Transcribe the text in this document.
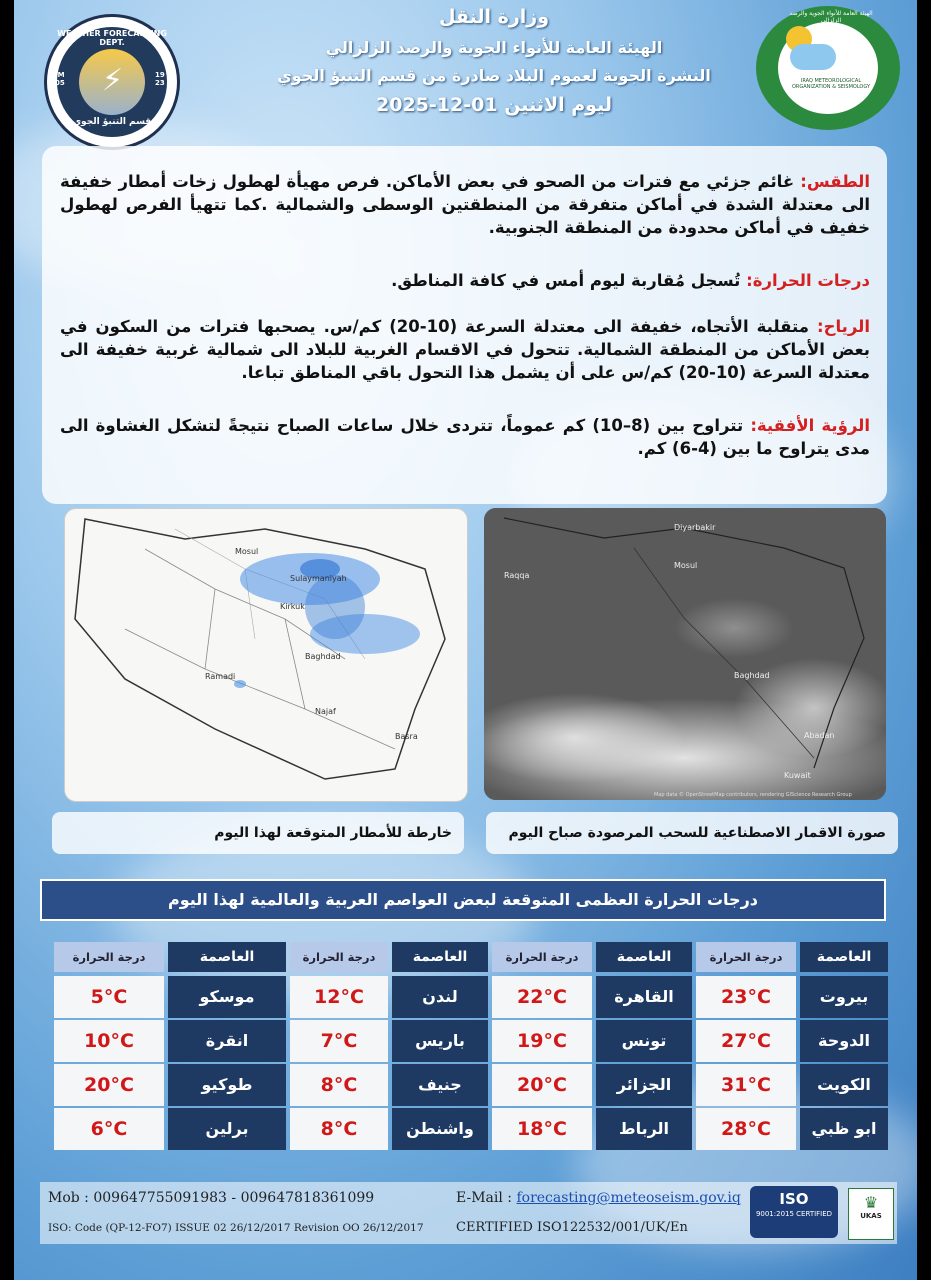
⚡
WEATHER FORECASTING DEPT.
قسم التنبؤ الجوي
IM 05
19 23
وزارة النقل
الهيئة العامة للأنواء الجوية والرصد الزلزالي
النشرة الجوية لعموم البلاد صادرة من قسم التنبؤ الجوي
ليوم الاثنين 01-12-2025
IRAQ METEOROLOGICAL ORGANIZATION & SEISMOLOGY
الهيئة العامة للأنواء الجوية والرصد الزلزالي
الطقس: غائم جزئي مع فترات من الصحو في بعض الأماكن. فرص مهيأة لهطول زخات أمطار خفيفة الى معتدلة الشدة في أماكن متفرقة من المنطقتين الوسطى والشمالية .كما تتهيأ الفرص لهطول خفيف في أماكن محدودة من المنطقة الجنوبية.
درجات الحرارة: تُسجل مُقاربة ليوم أمس في كافة المناطق.
الرياح: متقلبة الأتجاه، خفيفة الى معتدلة السرعة (10-20) كم/س. يصحبها فترات من السكون في بعض الأماكن من المنطقة الشمالية. تتحول في الاقسام الغربية للبلاد الى شمالية غربية خفيفة الى معتدلة السرعة (10-20) كم/س على أن يشمل هذا التحول باقي المناطق تباعا.
الرؤية الأفقية: تتراوح بين (8–10) كم عموماً، تتردى خلال ساعات الصباح نتيجةً لتشكل الغشاوة الى مدى يتراوح ما بين (4-6) كم.
Sulaymaniyah
Mosul
Kirkuk
Baghdad
Basra
Najaf
Ramadi
Diyarbakir
Raqqa
Mosul
Baghdad
Kuwait
Abadan
Map data © OpenStreetMap contributors, rendering GIScience Research Group
خارطة للأمطار المتوقعة لهذا اليوم	صورة الاقمار الاصطناعية للسحب المرصودة صباح اليوم
درجات الحرارة العظمى المتوقعة لبعض العواصم العربية والعالمية لهذا اليوم
العاصمة
درجة الحرارة
العاصمة
درجة الحرارة
العاصمة
درجة الحرارة
العاصمة
درجة الحرارة
بيروت
23°C
القاهرة
22°C
لندن
12°C
موسكو
5°C
الدوحة
27°C
تونس
19°C
باريس
7°C
انقرة
10°C
الكويت
31°C
الجزائر
20°C
جنيف
8°C
طوكيو
20°C
ابو ظبي
28°C
الرباط
18°C
واشنطن
8°C
برلين
6°C
Mob : 009647755091983 - 009647818361099	E-Mail : forecasting@meteoseism.gov.iq
ISO: Code (QP-12-FO7) ISSUE 02 26/12/2017 Revision OO 26/12/2017 CERTIFIED ISO122532/001/UK/En
ISO
9001:2015 CERTIFIED
♛
UKAS
